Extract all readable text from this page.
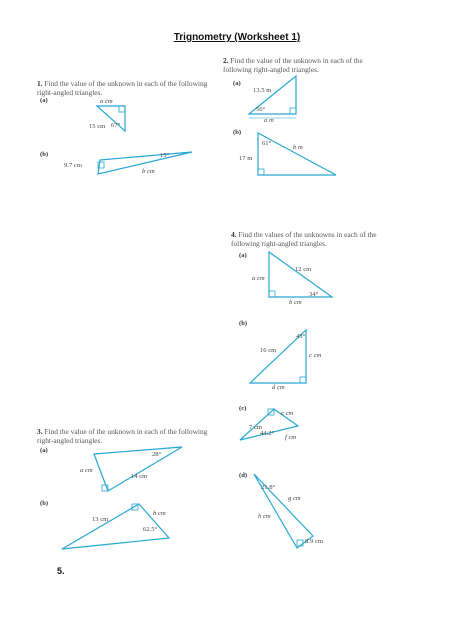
Trignometry (Worksheet 1)
1. Find the value of the unknown in each of the following right-angled triangles.
(a)	a cm
15 cm 67°
(b)
9.7 cm
15°
b cm
2. Find the value of the unknown in each of the following right-angled triangles.
(a)
13.5 m
56°
a m
(b)
61°
17 m
b m
3. Find the value of the unknown in each of the following right-angled triangles.
(a)
28°
a cm
14 cm
(b)
13 cm
b cm
62.5°
4. Find the values of the unknowns in each of the following right-angled triangles.
(a)
a cm
12 cm
34°
b cm
(b)
43°
16 cm
c cm
d cm
(c)
e cm
7 cm
44.2°
f cm
(d)
21.8°
g cm
h cm
8.9 cm
5.
